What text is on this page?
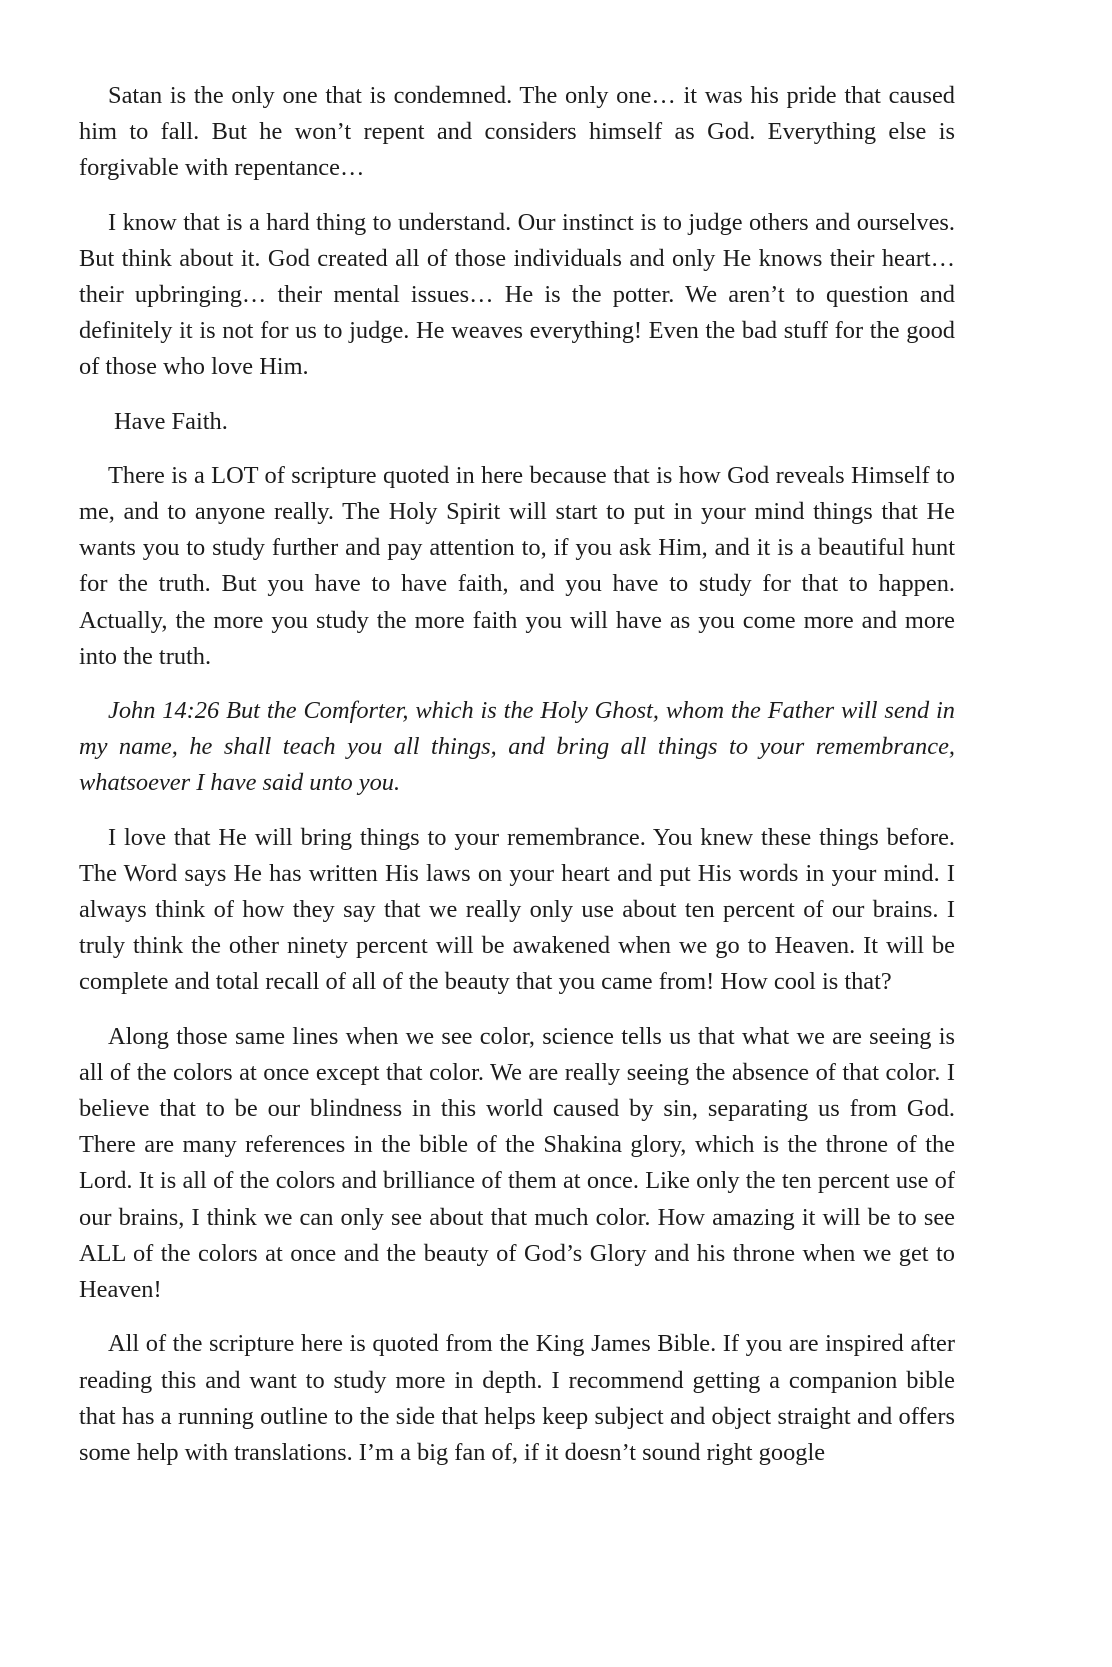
Satan is the only one that is condemned. The only one… it was his pride that caused him to fall. But he won’t repent and considers himself as God. Everything else is forgivable with repentance…

I know that is a hard thing to understand. Our instinct is to judge others and ourselves. But think about it. God created all of those individuals and only He knows their heart… their upbringing… their mental issues… He is the potter. We aren’t to question and definitely it is not for us to judge. He weaves everything! Even the bad stuff for the good of those who love Him.

Have Faith.

There is a LOT of scripture quoted in here because that is how God reveals Himself to me, and to anyone really. The Holy Spirit will start to put in your mind things that He wants you to study further and pay attention to, if you ask Him, and it is a beautiful hunt for the truth. But you have to have faith, and you have to study for that to happen. Actually, the more you study the more faith you will have as you come more and more into the truth.

John 14:26 But the Comforter, which is the Holy Ghost, whom the Father will send in my name, he shall teach you all things, and bring all things to your remembrance, whatsoever I have said unto you.

I love that He will bring things to your remembrance. You knew these things before. The Word says He has written His laws on your heart and put His words in your mind. I always think of how they say that we really only use about ten percent of our brains. I truly think the other ninety percent will be awakened when we go to Heaven. It will be complete and total recall of all of the beauty that you came from! How cool is that?

Along those same lines when we see color, science tells us that what we are seeing is all of the colors at once except that color. We are really seeing the absence of that color. I believe that to be our blindness in this world caused by sin, separating us from God. There are many references in the bible of the Shakina glory, which is the throne of the Lord. It is all of the colors and brilliance of them at once. Like only the ten percent use of our brains, I think we can only see about that much color. How amazing it will be to see ALL of the colors at once and the beauty of God’s Glory and his throne when we get to Heaven!

All of the scripture here is quoted from the King James Bible. If you are inspired after reading this and want to study more in depth. I recommend getting a companion bible that has a running outline to the side that helps keep subject and object straight and offers some help with translations. I’m a big fan of, if it doesn’t sound right google
